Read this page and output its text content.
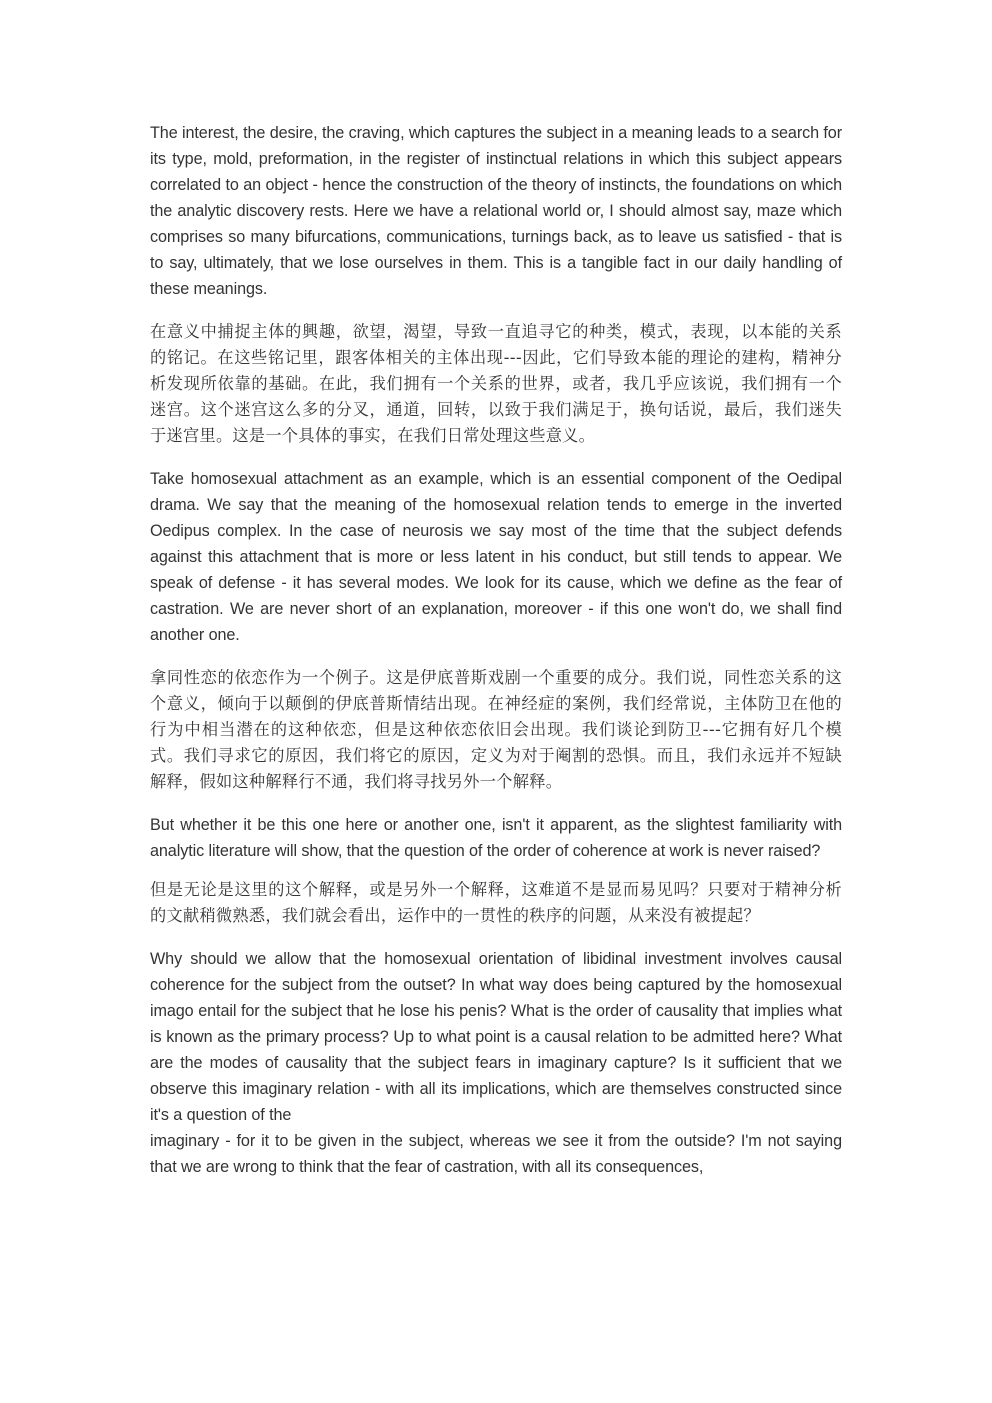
The interest, the desire, the craving, which captures the subject in a meaning leads to a search for its type, mold, preformation, in the register of instinctual relations in which this subject appears correlated to an object - hence the construction of the theory of instincts, the foundations on which the analytic discovery rests. Here we have a relational world or, I should almost say, maze which comprises so many bifurcations, communications, turnings back, as to leave us satisfied - that is to say, ultimately, that we lose ourselves in them. This is a tangible fact in our daily handling of these meanings.

在意义中捕捉主体的興趣，欲望，渴望，导致一直追寻它的种类，模式，表现，以本能的关系的铭记。在这些铭记里，跟客体相关的主体出现---因此，它们导致本能的理论的建构，精神分析发现所依靠的基础。在此，我们拥有一个关系的世界，或者，我几乎应该说，我们拥有一个迷宫。这个迷宫这么多的分叉，通道，回转，以致于我们满足于，换句话说，最后，我们迷失于迷宫里。这是一个具体的事实，在我们日常处理这些意义。

Take homosexual attachment as an example, which is an essential component of the Oedipal drama. We say that the meaning of the homosexual relation tends to emerge in the inverted Oedipus complex. In the case of neurosis we say most of the time that the subject defends against this attachment that is more or less latent in his conduct, but still tends to appear. We speak of defense - it has several modes. We look for its cause, which we define as the fear of castration. We are never short of an explanation, moreover - if this one won't do, we shall find another one.

拿同性恋的依恋作为一个例子。这是伊底普斯戏剧一个重要的成分。我们说，同性恋关系的这个意义，倾向于以颠倒的伊底普斯情结出现。在神经症的案例，我们经常说，主体防卫在他的行为中相当潜在的这种依恋，但是这种依恋依旧会出现。我们谈论到防卫---它拥有好几个模式。我们寻求它的原因，我们将它的原因，定义为对于阉割的恐惧。而且，我们永远并不短缺解释，假如这种解释行不通，我们将寻找另外一个解释。

But whether it be this one here or another one, isn't it apparent, as the slightest familiarity with analytic literature will show, that the question of the order of coherence at work is never raised?

但是无论是这里的这个解释，或是另外一个解释，这难道不是显而易见吗？只要对于精神分析的文献稍微熟悉，我们就会看出，运作中的一贯性的秩序的问题，从来没有被提起？

Why should we allow that the homosexual orientation of libidinal investment involves causal coherence for the subject from the outset? In what way does being captured by the homosexual imago entail for the subject that he lose his penis? What is the order of causality that implies what is known as the primary process? Up to what point is a causal relation to be admitted here? What are the modes of causality that the subject fears in imaginary capture? Is it sufficient that we observe this imaginary relation - with all its implications, which are themselves constructed since it's a question of the

imaginary - for it to be given in the subject, whereas we see it from the outside? I'm not saying that we are wrong to think that the fear of castration, with all its consequences,
